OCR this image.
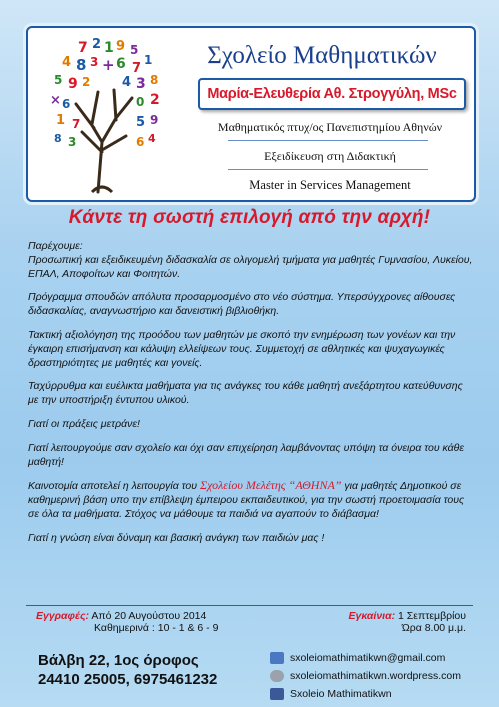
7 2 1 9 5
4 8 3 + 6 7
1
5 9 2 4 3 8
× 6	0 2
1 7	5 9
3	6
8	4
Σχολείο Μαθηματικών
Μαρία-Ελευθερία Αθ. Στρογγύλη, MSc
Μαθηματικός πτυχ/ος Πανεπιστημίου Αθηνών
Εξειδίκευση στη Διδακτική
Master in Services Management
Κάντε τη σωστή επιλογή από την αρχή!

Παρέχουμε:
Προσωπική και εξειδικευμένη διδασκαλία σε ολιγομελή τμήματα για μαθητές Γυμνασίου, Λυκείου, ΕΠΑΛ, Αποφοίτων και Φοιτητών.

Πρόγραμμα σπουδών απόλυτα προσαρμοσμένο στο νέο σύστημα. Υπερσύγχρονες αίθουσες διδασκαλίας, αναγνωστήριο και δανειστική βιβλιοθήκη.

Τακτική αξιολόγηση της προόδου των μαθητών με σκοπό την ενημέρωση των γονέων και την έγκαιρη επισήμανση και κάλυψη ελλείψεων τους. Συμμετοχή σε αθλητικές και ψυχαγωγικές δραστηριότητες με μαθητές και γονείς.

Ταχύρρυθμα και ευέλικτα μαθήματα για τις ανάγκες του κάθε μαθητή ανεξάρτητου κατεύθυνσης με την υποστήριξη έντυπου υλικού.

Γιατί οι πράξεις μετράνε!

Γιατί λειτουργούμε σαν σχολείο και όχι σαν επιχείρηση λαμβάνοντας υπόψη τα όνειρα του κάθε μαθητή!

Καινοτομία αποτελεί η λειτουργία του Σχολείου Μελέτης “ΑΘΗΝΑ” για μαθητές Δημοτικού σε καθημερινή βάση υπο την επίβλεψη έμπειρου εκπαιδευτικού, για την σωστή προετοιμασία τους σε όλα τα μαθήματα. Στόχος να μάθουμε τα παιδιά να αγαπούν το διάβασμα!

Γιατί η γνώση είναι δύναμη και βασική ανάγκη των παιδιών μας !

Εγγραφές: Από 20 Αυγούστου 2014
Καθημερινά : 10 - 1 & 6 - 9
Εγκαίνια: 1 Σεπτεμβρίου
Ώρα 8.00 μ.μ.
Βάλβη 22, 1ος όροφος
24410 25005, 6975461232
sxoleiomathimatikwn@gmail.com
sxoleiomathimatikwn.wordpress.com
Sxoleio Mathimatikwn
